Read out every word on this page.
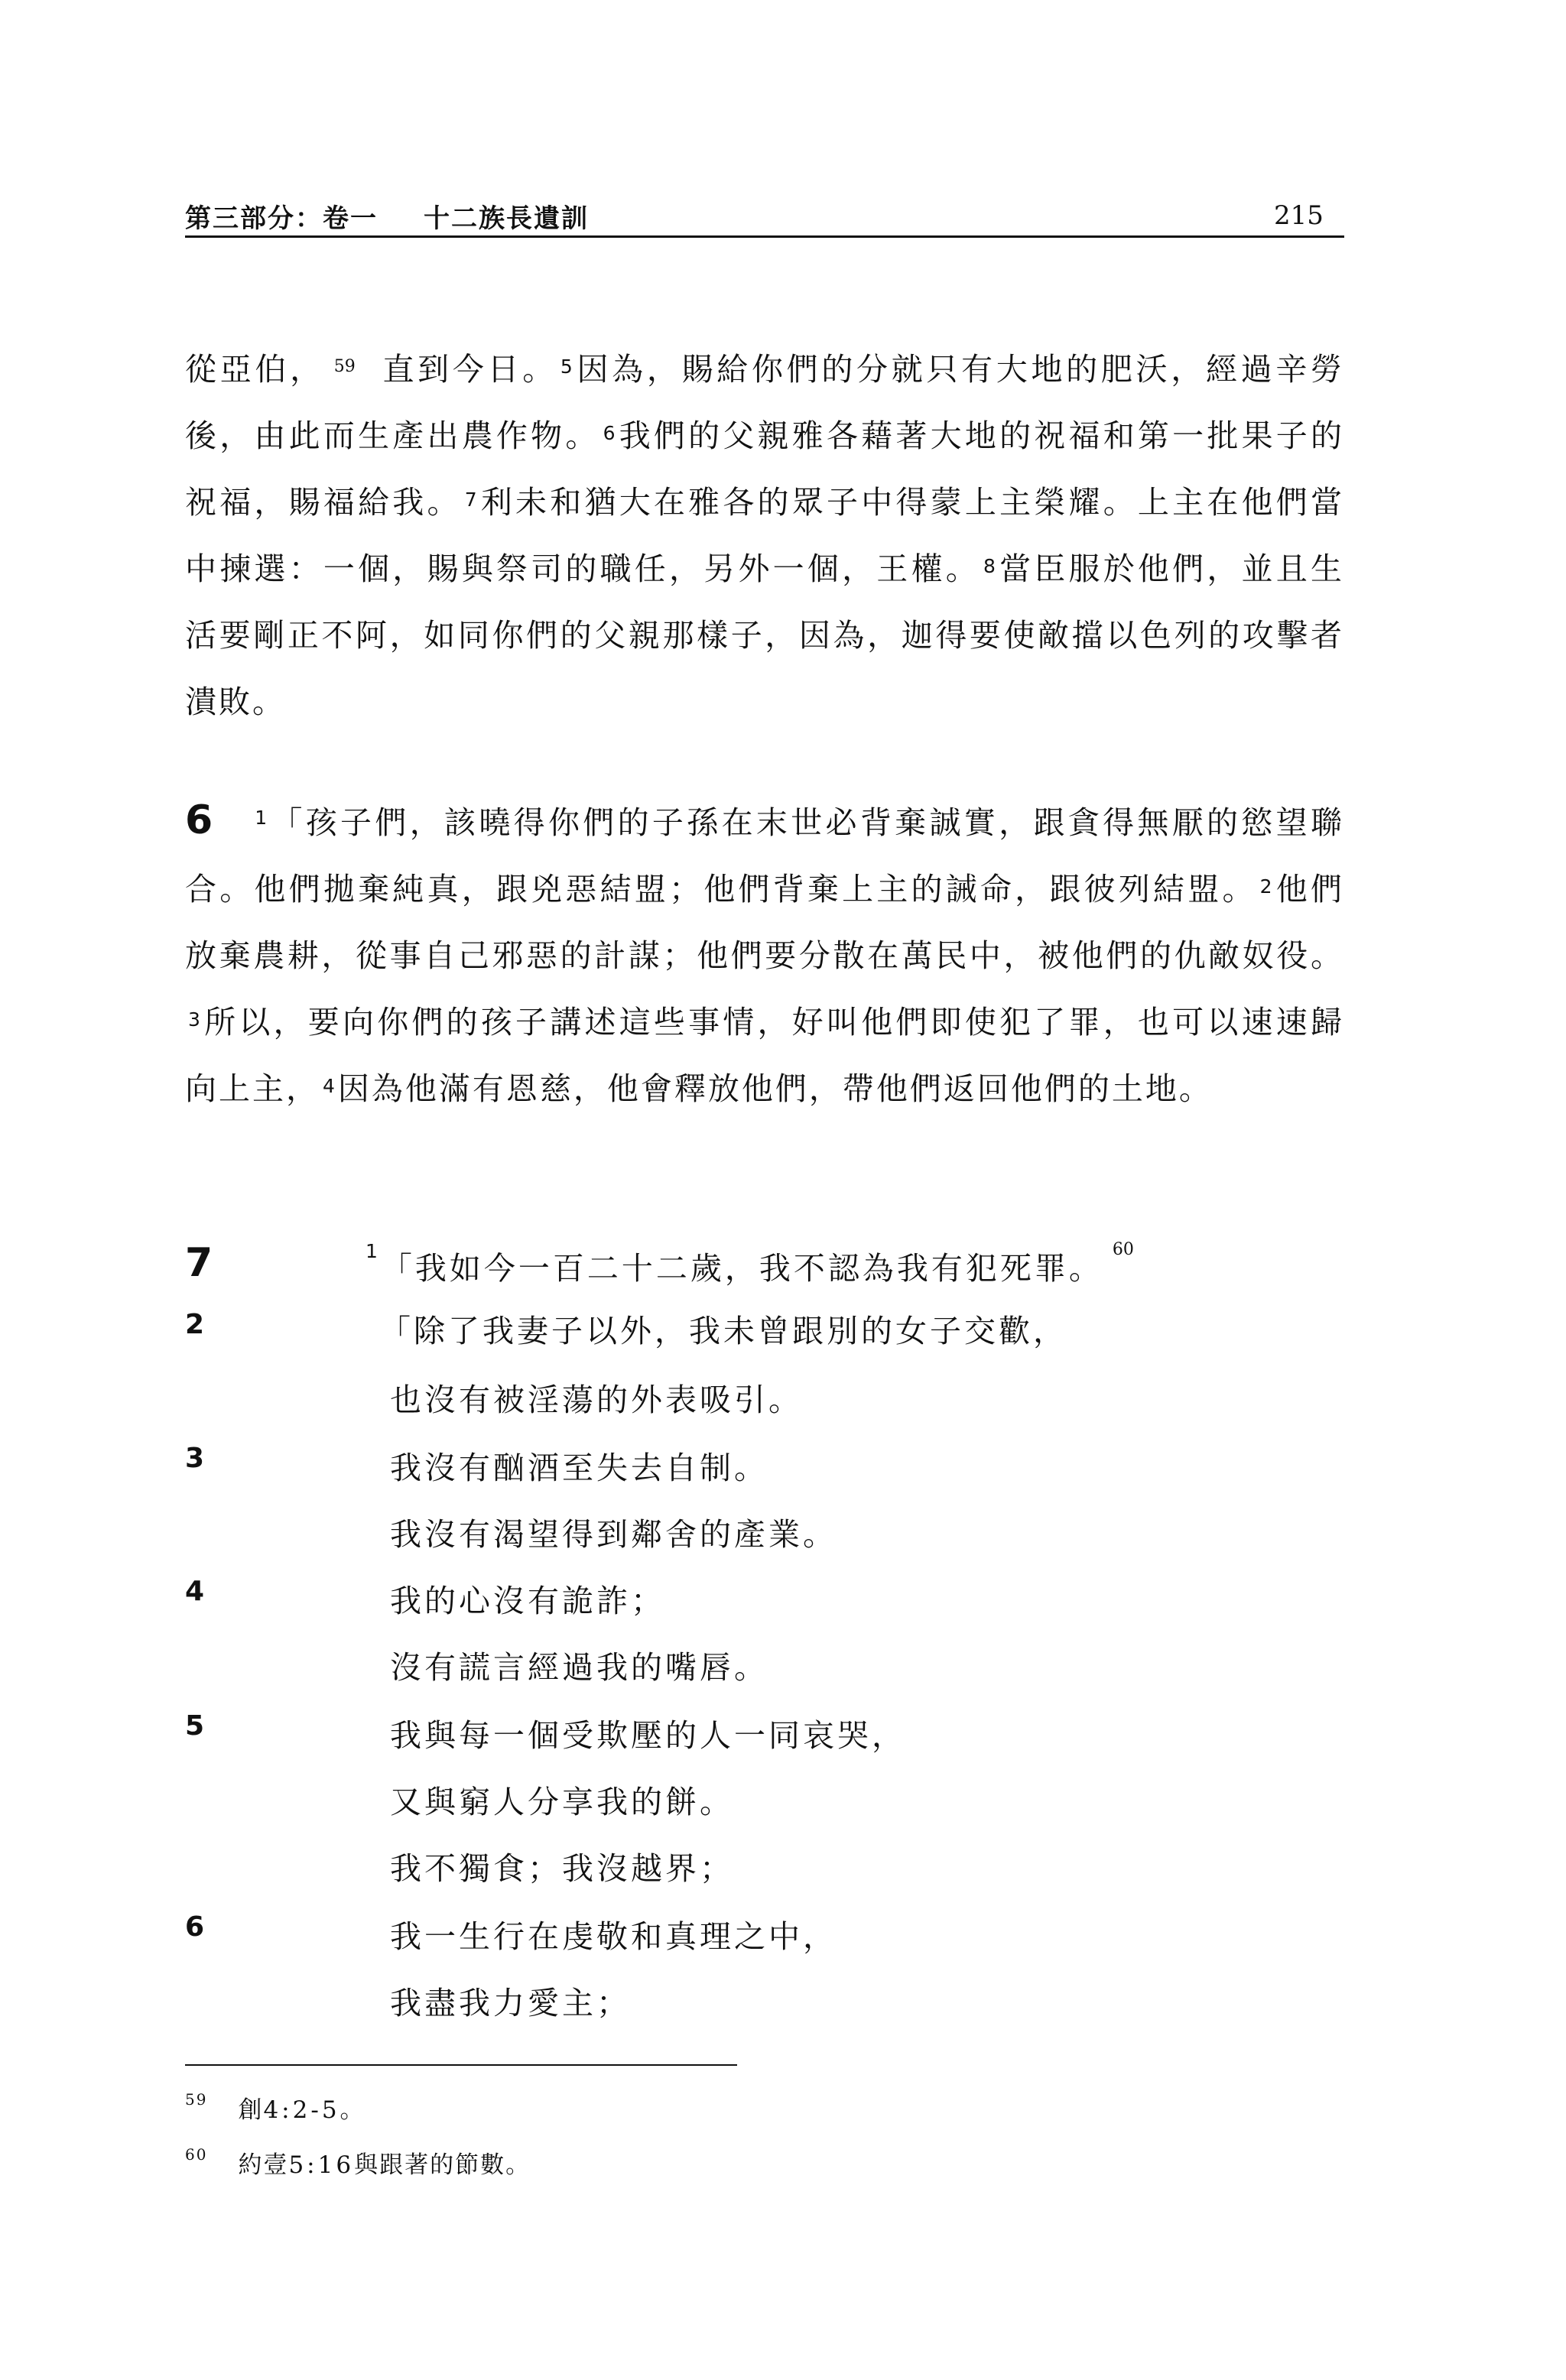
第三部分：卷一 十二族長遺訓	215
從亞伯， $^{59}$ 直到今日。 $^5$因為，賜給你們的分就只有大地的肥沃，經過辛勞後，由此而生產出農作物。 $^6$我們的父親雅各藉著大地的祝福和第一批果子的祝福，賜福給我。 $^7$利未和猶大在雅各的眾子中得蒙上主榮耀。上主在他們當中揀選：一個，賜與祭司的職任，另外一個，王權。 $^8$當臣服於他們，並且生活要剛正不阿，如同你們的父親那樣子，因為，迦得要使敵擋以色列的攻擊者潰敗。
6 $^1$「孩子們，該曉得你們的子孫在末世必背棄誠實，跟貪得無厭的慾望聯合。他們拋棄純真，跟兇惡結盟；他們背棄上主的誡命，跟彼列結盟。 $^2$他們放棄農耕，從事自己邪惡的計謀；他們要分散在萬民中，被他們的仇敵奴役。$^3$所以，要向你們的孩子講述這些事情，好叫他們即使犯了罪，也可以速速歸向上主， $^4$因為他滿有恩慈，他會釋放他們，帶他們返回他們的土地。
7	$^1$「我如今一百二十二歲，我不認為我有犯死罪。$^{60}$
2	「除了我妻子以外，我未曾跟別的女子交歡，
也沒有被淫蕩的外表吸引。
3	我沒有酗酒至失去自制。
我沒有渴望得到鄰舍的產業。
4	我的心沒有詭詐；
沒有謊言經過我的嘴唇。
5	我與每一個受欺壓的人一同哀哭，
又與窮人分享我的餅。
我不獨食；我沒越界；
6	我一生行在虔敬和真理之中，
我盡我力愛主；
$^{59}$ 創4:2-5。
$^{60}$ 約壹5:16與跟著的節數。
